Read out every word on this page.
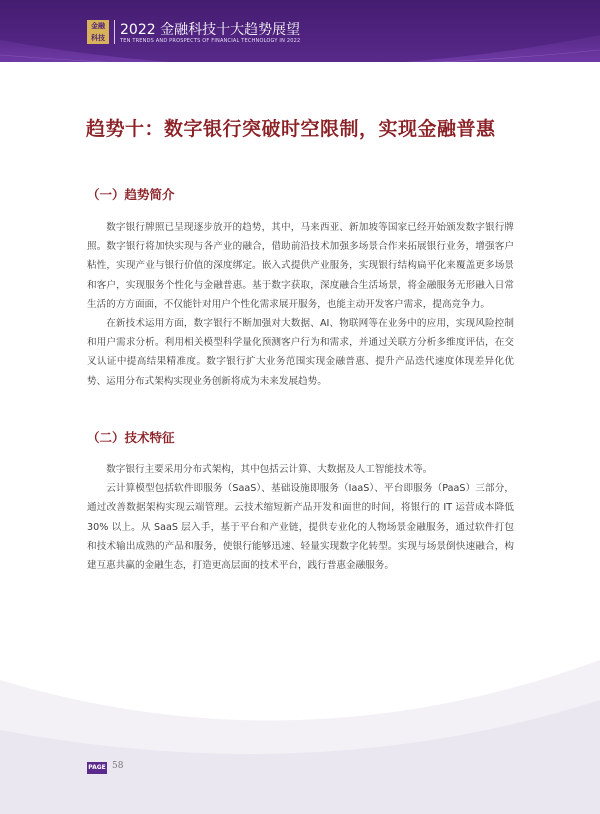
金融
科技 2022 金融科技十大趋势展望
TEN TRENDS AND PROSPECTS OF FINANCIAL TECHNOLOGY IN 2022
趋势十：数字银行突破时空限制，实现金融普惠
（一）趋势简介

数字银行牌照已呈现逐步放开的趋势，其中，马来西亚、新加坡等国家已经开始颁发数字银行牌照。数字银行将加快实现与各产业的融合，借助前沿技术加强多场景合作来拓展银行业务，增强客户粘性，实现产业与银行价值的深度绑定。嵌入式提供产业服务，实现银行结构扁平化来覆盖更多场景和客户，实现服务个性化与金融普惠。基于数字获取，深度融合生活场景，将金融服务无形融入日常生活的方方面面，不仅能针对用户个性化需求展开服务，也能主动开发客户需求，提高竞争力。

在新技术运用方面，数字银行不断加强对大数据、AI、物联网等在业务中的应用，实现风险控制和用户需求分析。利用相关模型科学量化预测客户行为和需求，并通过关联方分析多维度评估，在交叉认证中提高结果精准度。数字银行扩大业务范围实现金融普惠、提升产品迭代速度体现差异化优势、运用分布式架构实现业务创新将成为未来发展趋势。

（二）技术特征

数字银行主要采用分布式架构，其中包括云计算、大数据及人工智能技术等。

云计算模型包括软件即服务（SaaS）、基础设施即服务（IaaS）、平台即服务（PaaS）三部分，通过改善数据架构实现云端管理。云技术缩短新产品开发和面世的时间，将银行的 IT 运营成本降低 30% 以上。从 SaaS 层入手，基于平台和产业链，提供专业化的人物场景金融服务，通过软件打包和技术输出成熟的产品和服务，使银行能够迅速、轻量实现数字化转型。实现与场景倒快速融合，构建互惠共赢的金融生态，打造更高层面的技术平台，践行普惠金融服务。

PAGE 58
